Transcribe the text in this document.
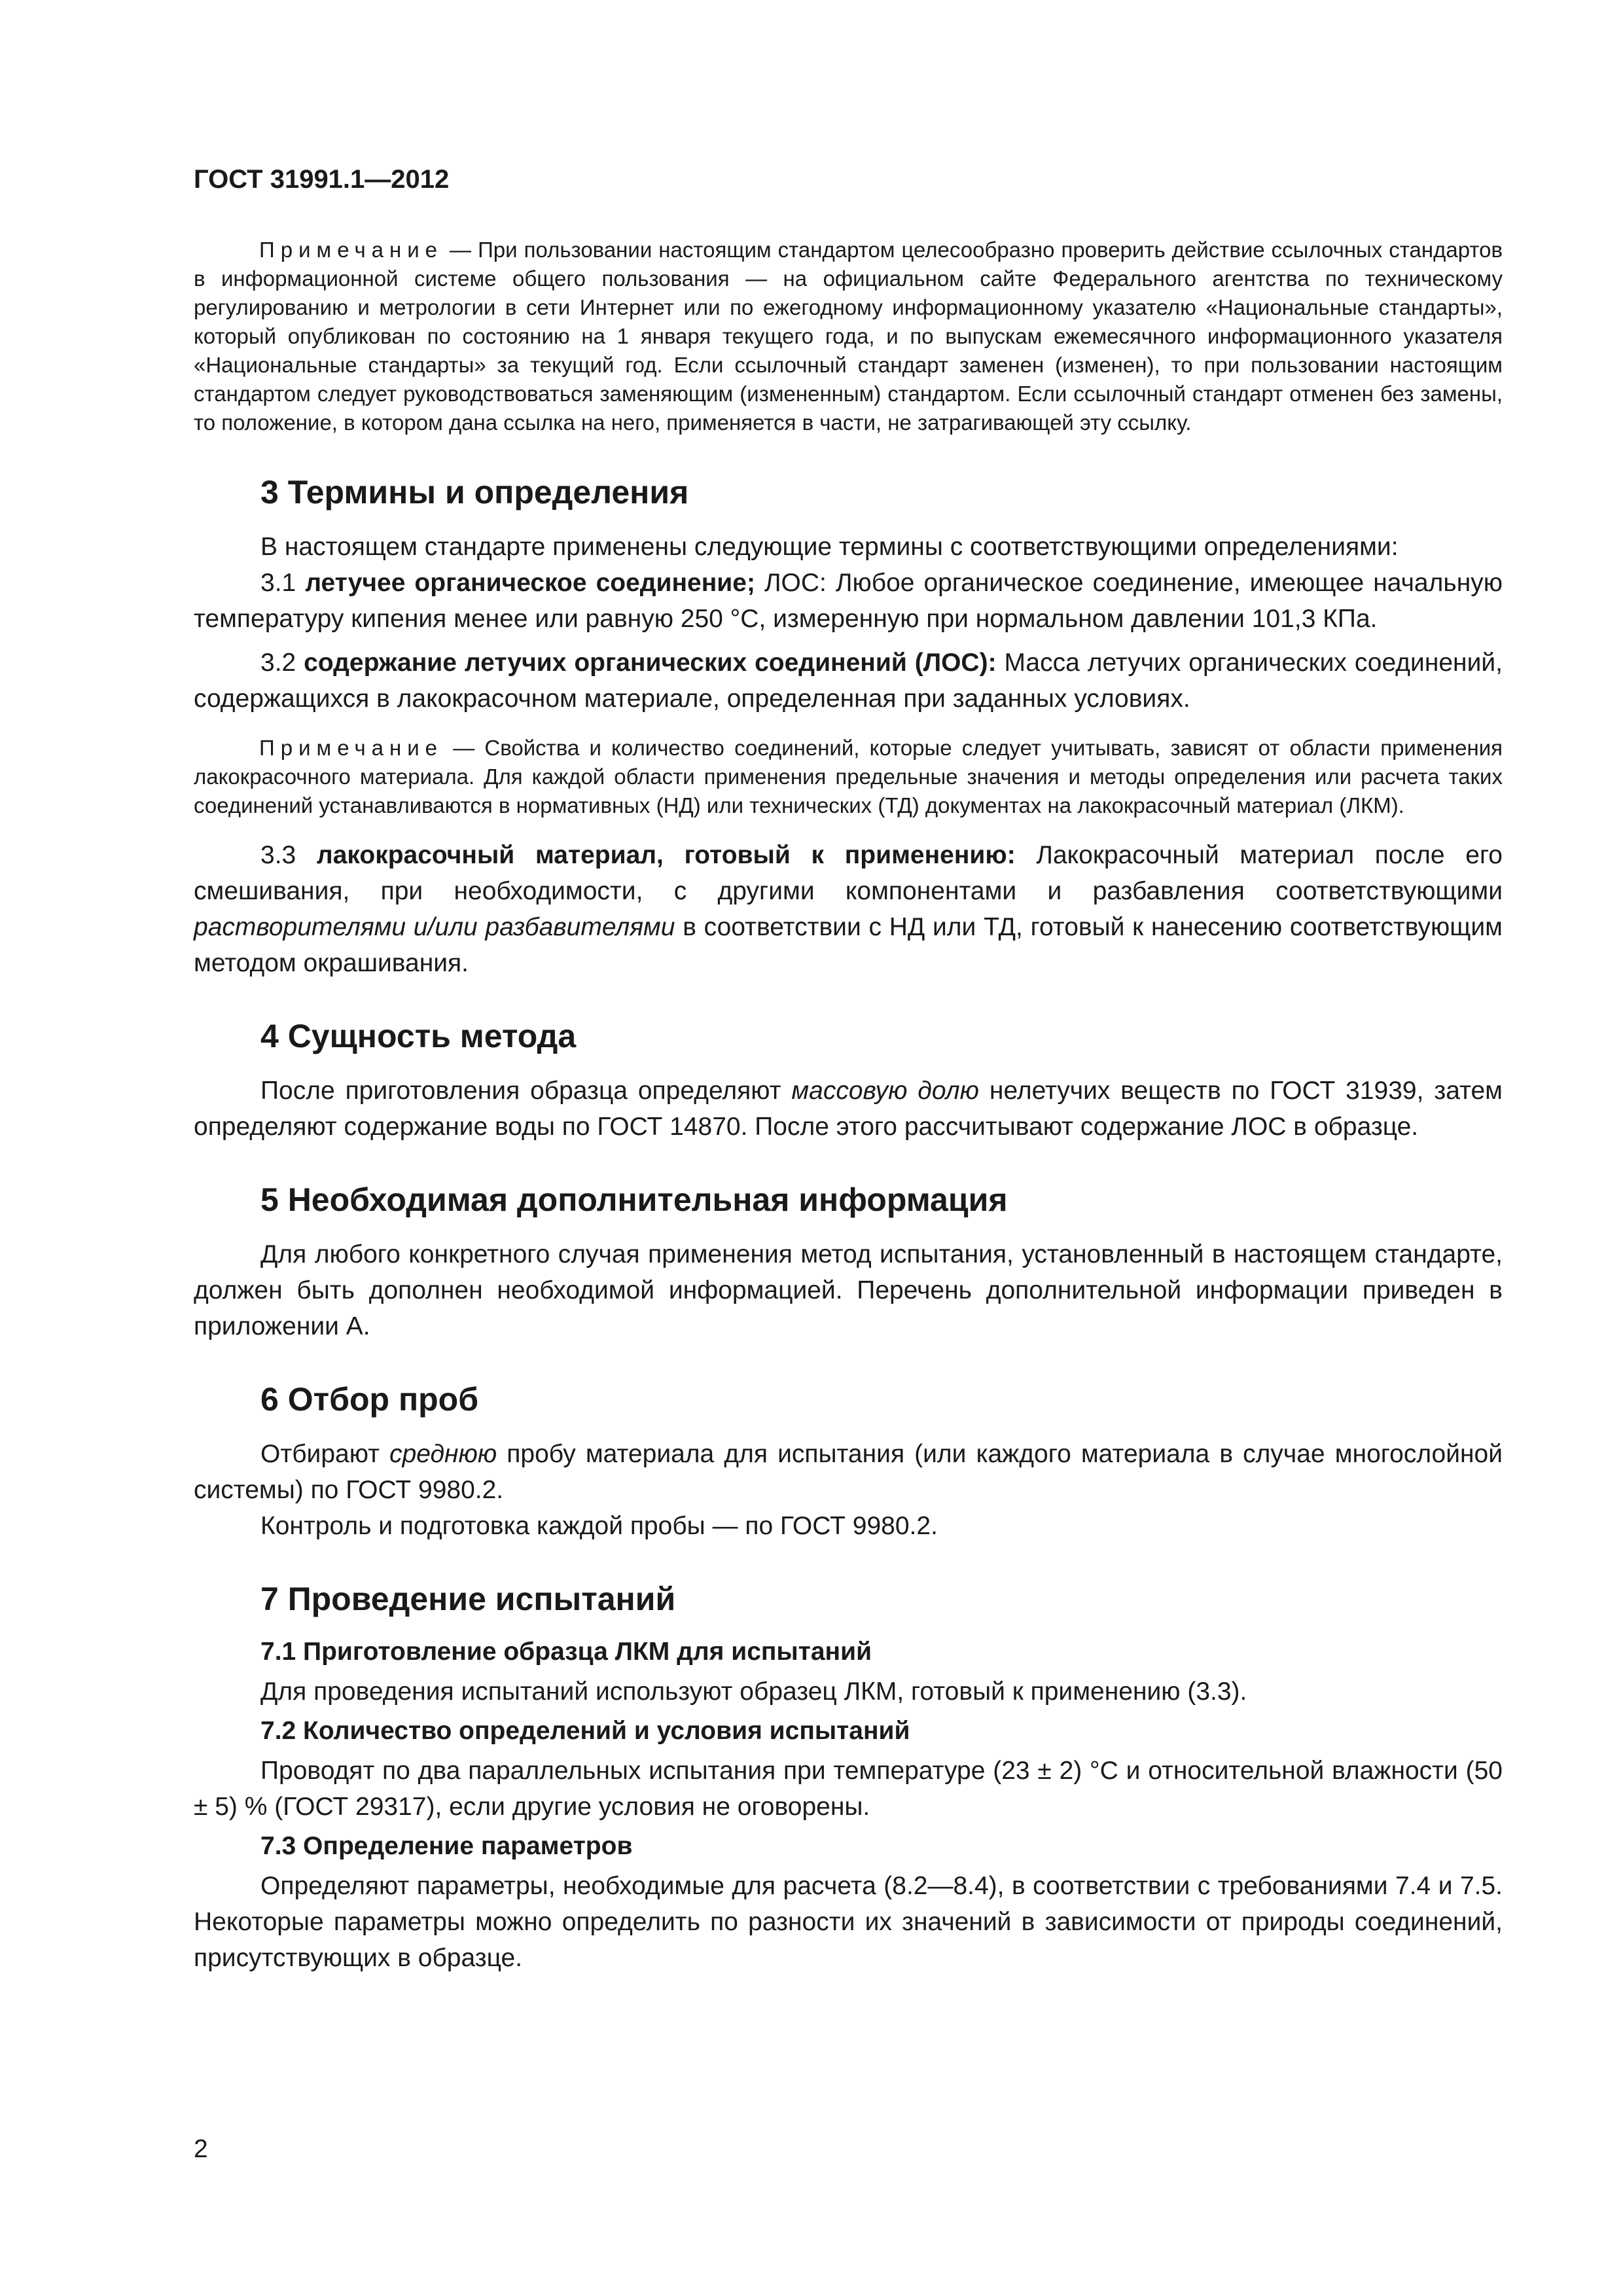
ГОСТ 31991.1—2012

Примечание — При пользовании настоящим стандартом целесообразно проверить действие ссылочных стандартов в информационной системе общего пользования — на официальном сайте Федерального агентства по техническому регулированию и метрологии в сети Интернет или по ежегодному информационному указателю «Национальные стандарты», который опубликован по состоянию на 1 января текущего года, и по выпускам ежемесячного информационного указателя «Национальные стандарты» за текущий год. Если ссылочный стандарт заменен (изменен), то при пользовании настоящим стандартом следует руководствоваться заменяющим (измененным) стандартом. Если ссылочный стандарт отменен без замены, то положение, в котором дана ссылка на него, применяется в части, не затрагивающей эту ссылку.

3 Термины и определения

В настоящем стандарте применены следующие термины с соответствующими определениями:

3.1 летучее органическое соединение; ЛОС: Любое органическое соединение, имеющее начальную температуру кипения менее или равную 250 °С, измеренную при нормальном давлении 101,3 КПа.

3.2 содержание летучих органических соединений (ЛОС): Масса летучих органических соединений, содержащихся в лакокрасочном материале, определенная при заданных условиях.

Примечание — Свойства и количество соединений, которые следует учитывать, зависят от области применения лакокрасочного материала. Для каждой области применения предельные значения и методы определения или расчета таких соединений устанавливаются в нормативных (НД) или технических (ТД) документах на лакокрасочный материал (ЛКМ).

3.3 лакокрасочный материал, готовый к применению: Лакокрасочный материал после его смешивания, при необходимости, с другими компонентами и разбавления соответствующими растворителями и/или разбавителями в соответствии с НД или ТД, готовый к нанесению соответствующим методом окрашивания.

4 Сущность метода

После приготовления образца определяют массовую долю нелетучих веществ по ГОСТ 31939, затем определяют содержание воды по ГОСТ 14870. После этого рассчитывают содержание ЛОС в образце.

5 Необходимая дополнительная информация

Для любого конкретного случая применения метод испытания, установленный в настоящем стандарте, должен быть дополнен необходимой информацией. Перечень дополнительной информации приведен в приложении А.

6 Отбор проб

Отбирают среднюю пробу материала для испытания (или каждого материала в случае многослойной системы) по ГОСТ 9980.2.

Контроль и подготовка каждой пробы — по ГОСТ 9980.2.

7 Проведение испытаний
7.1 Приготовление образца ЛКМ для испытаний

Для проведения испытаний используют образец ЛКМ, готовый к применению (3.3).

7.2 Количество определений и условия испытаний

Проводят по два параллельных испытания при температуре (23 ± 2) °С и относительной влажности (50 ± 5) % (ГОСТ 29317), если другие условия не оговорены.

7.3 Определение параметров

Определяют параметры, необходимые для расчета (8.2—8.4), в соответствии с требованиями 7.4 и 7.5. Некоторые параметры можно определить по разности их значений в зависимости от природы соединений, присутствующих в образце.

2
